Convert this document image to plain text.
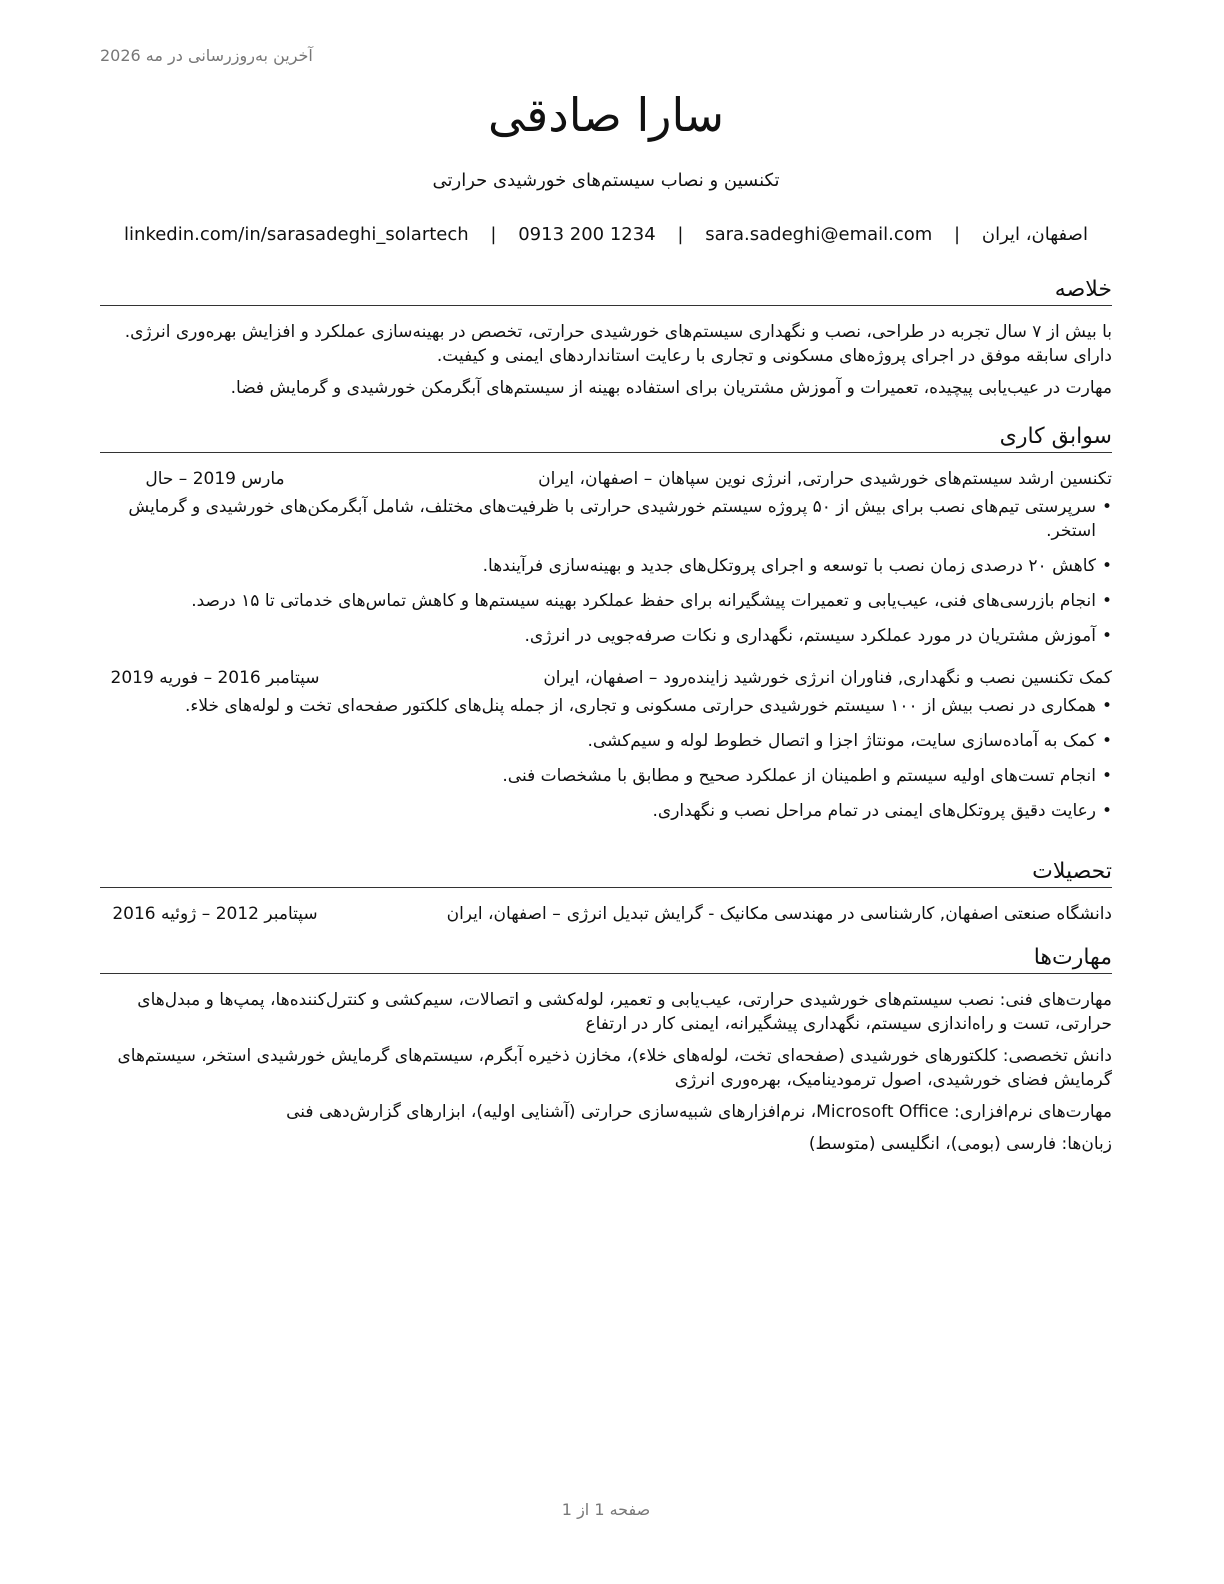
آخرین به‌روزرسانی در مه 2026
سارا صادقی
تکنسین و نصاب سیستم‌های خورشیدی حرارتی
اصفهان، ایران | sara.sadeghi@email.com | 0913 200 1234 | linkedin.com/in/sarasadeghi_solartech
خلاصه

با بیش از ۷ سال تجربه در طراحی، نصب و نگهداری سیستم‌های خورشیدی حرارتی، تخصص در بهینه‌سازی عملکرد و افزایش بهره‌وری انرژی. دارای سابقه موفق در اجرای پروژه‌های مسکونی و تجاری با رعایت استانداردهای ایمنی و کیفیت.

مهارت در عیب‌یابی پیچیده، تعمیرات و آموزش مشتریان برای استفاده بهینه از سیستم‌های آبگرمکن خورشیدی و گرمایش فضا.

سوابق کاری
تکنسین ارشد سیستم‌های خورشیدی حرارتی, انرژی نوین سپاهان
– اصفهان، ایران
مارس 2019 – حال
• سرپرستی تیم‌های نصب برای بیش از ۵۰ پروژه سیستم خورشیدی حرارتی با ظرفیت‌های مختلف، شامل آبگرمکن‌های خورشیدی و گرمایش استخر.
• کاهش ۲۰ درصدی زمان نصب با توسعه و اجرای پروتکل‌های جدید و بهینه‌سازی فرآیندها.
• انجام بازرسی‌های فنی، عیب‌یابی و تعمیرات پیشگیرانه برای حفظ عملکرد بهینه سیستم‌ها و کاهش تماس‌های خدماتی تا ۱۵ درصد.
• آموزش مشتریان در مورد عملکرد سیستم، نگهداری و نکات صرفه‌جویی در انرژی.
کمک تکنسین نصب و نگهداری, فناوران انرژی خورشید زاینده‌رود
– اصفهان، ایران
سپتامبر 2016 – فوریه 2019
• همکاری در نصب بیش از ۱۰۰ سیستم خورشیدی حرارتی مسکونی و تجاری، از جمله پنل‌های کلکتور صفحه‌ای تخت و لوله‌های خلاء.
• کمک به آماده‌سازی سایت، مونتاژ اجزا و اتصال خطوط لوله و سیم‌کشی.
• انجام تست‌های اولیه سیستم و اطمینان از عملکرد صحیح و مطابق با مشخصات فنی.
• رعایت دقیق پروتکل‌های ایمنی در تمام مراحل نصب و نگهداری.
تحصیلات
دانشگاه صنعتی اصفهان, کارشناسی در مهندسی مکانیک - گرایش تبدیل انرژی
– اصفهان، ایران
سپتامبر 2012 – ژوئیه 2016
مهارت‌ها

مهارت‌های فنی: نصب سیستم‌های خورشیدی حرارتی، عیب‌یابی و تعمیر، لوله‌کشی و اتصالات، سیم‌کشی و کنترل‌کننده‌ها، پمپ‌ها و مبدل‌های حرارتی، تست و راه‌اندازی سیستم، نگهداری پیشگیرانه، ایمنی کار در ارتفاع

دانش تخصصی: کلکتورهای خورشیدی (صفحه‌ای تخت، لوله‌های خلاء)، مخازن ذخیره آبگرم، سیستم‌های گرمایش خورشیدی استخر، سیستم‌های گرمایش فضای خورشیدی، اصول ترمودینامیک، بهره‌وری انرژی

مهارت‌های نرم‌افزاری: Microsoft Office، نرم‌افزارهای شبیه‌سازی حرارتی (آشنایی اولیه)، ابزارهای گزارش‌دهی فنی

زبان‌ها: فارسی (بومی)، انگلیسی (متوسط)

صفحه 1 از 1
